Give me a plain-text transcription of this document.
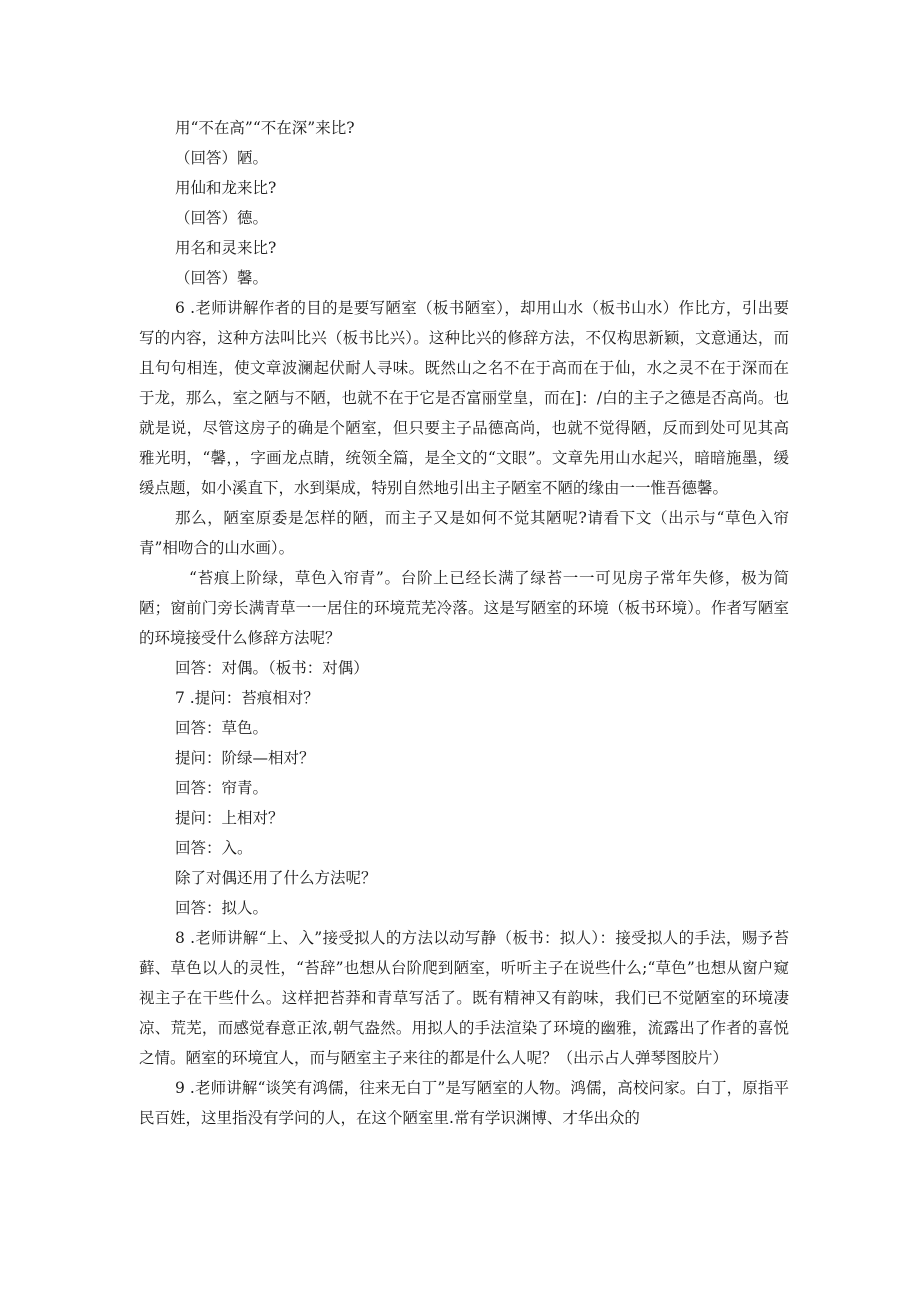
用“不在高”“不在深”来比?

（回答）陋。

用仙和龙来比?

（回答）德。

用名和灵来比?

（回答）馨。

6 .老师讲解作者的目的是要写陋室（板书陋室），却用山水（板书山水）作比方，引出要写的内容，这种方法叫比兴（板书比兴）。这种比兴的修辞方法，不仅构思新颖，文意通达，而且句句相连，使文章波澜起伏耐人寻味。既然山之名不在于高而在于仙，水之灵不在于深而在于龙，那么，室之陋与不陋，也就不在于它是否富丽堂皇，而在]：/白的主子之德是否高尚。也就是说，尽管这房子的确是个陋室，但只要主子品德高尚，也就不觉得陋，反而到处可见其高雅光明，“馨，，字画龙点睛，统领全篇，是全文的“文眼”。文章先用山水起兴，暗暗施墨，缓缓点题，如小溪直下，水到渠成，特别自然地引出主子陋室不陋的缘由一一惟吾德馨。

那么，陋室原委是怎样的陋，而主子又是如何不觉其陋呢?请看下文（出示与“草色入帘青”相吻合的山水画）。

“苔痕上阶绿，草色入帘青”。台阶上已经长满了绿苔一一可见房子常年失修，极为简陋；窗前门旁长满青草一一居住的环境荒芜冷落。这是写陋室的环境（板书环境）。作者写陋室的环境接受什么修辞方法呢？

回答：对偶。（板书：对偶）

7 .提问：苔痕相对？

回答：草色。

提问：阶绿—相对？

回答：帘青。

提问：上相对？

回答：入。

除了对偶还用了什么方法呢？

回答：拟人。

8 .老师讲解“上、入”接受拟人的方法以动写静（板书：拟人）：接受拟人的手法，赐予苔藓、草色以人的灵性，“苔辞”也想从台阶爬到陋室，听听主子在说些什么;“草色”也想从窗户窥视主子在干些什么。这样把苔莽和青草写活了。既有精神又有韵味，我们已不觉陋室的环境凄凉、荒芜，而感觉春意正浓,朝气盎然。用拟人的手法渲染了环境的幽雅，流露出了作者的喜悦之情。陋室的环境宜人，而与陋室主子来往的都是什么人呢？（出示占人弹琴图胶片）

9 .老师讲解“谈笑有鸿儒，往来无白丁”是写陋室的人物。鸿儒，高校问家。白丁，原指平民百姓，这里指没有学问的人，在这个陋室里.常有学识渊博、才华出众的
